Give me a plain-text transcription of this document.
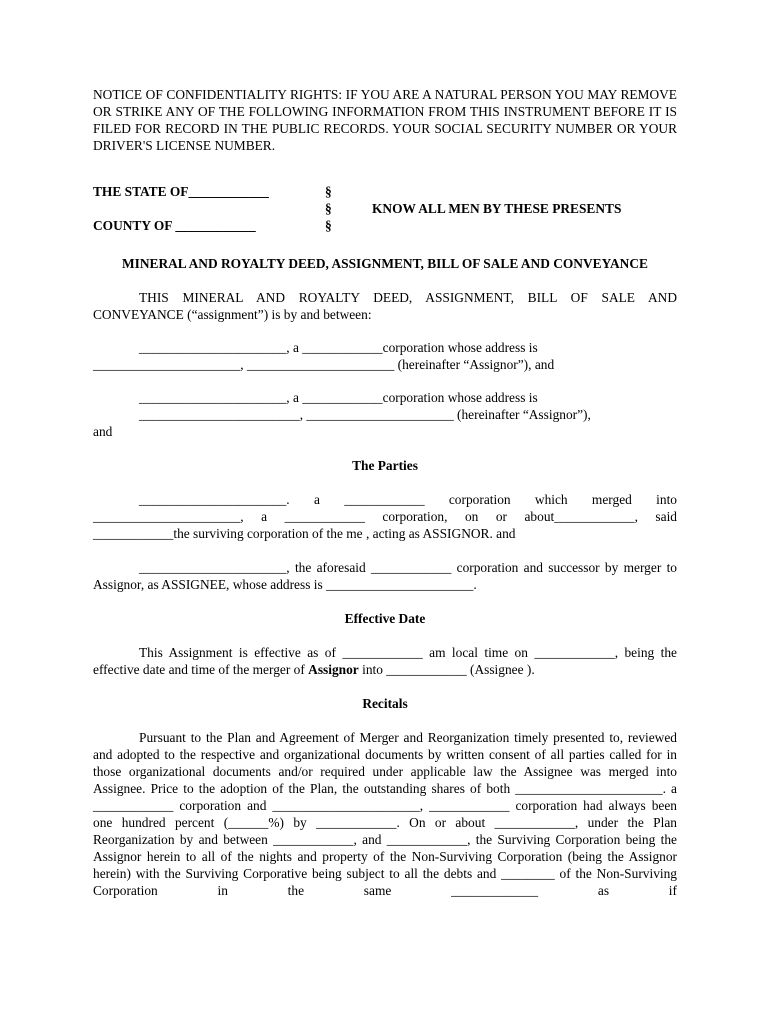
NOTICE OF CONFIDENTIALITY RIGHTS: IF YOU ARE A NATURAL PERSON YOU MAY REMOVE OR STRIKE ANY OF THE FOLLOWING INFORMATION FROM THIS INSTRUMENT BEFORE IT IS FILED FOR RECORD IN THE PUBLIC RECORDS. YOUR SOCIAL SECURITY NUMBER OR YOUR DRIVER'S LICENSE NUMBER.

THE STATE OF____________
COUNTY OF ____________
§
§
§
KNOW ALL MEN BY THESE PRESENTS

MINERAL AND ROYALTY DEED, ASSIGNMENT, BILL OF SALE AND CONVEYANCE

THIS MINERAL AND ROYALTY DEED, ASSIGNMENT, BILL OF SALE AND CONVEYANCE (“assignment”) is by and between:

______________________, a ____________corporation whose address is

______________________, ______________________ (hereinafter “Assignor”), and

______________________, a ____________corporation whose address is

________________________, ______________________ (hereinafter “Assignor”),

and

The Parties

______________________. a ____________ corporation which merged into ______________________, a ____________ corporation, on or about____________, said ____________the surviving corporation of the me , acting as ASSIGNOR. and

______________________, the aforesaid ____________ corporation and successor by merger to Assignor, as ASSIGNEE, whose address is ______________________.

Effective Date

This Assignment is effective as of ____________ am local time on ____________, being the effective date and time of the merger of Assignor into ____________ (Assignee ).

Recitals

Pursuant to the Plan and Agreement of Merger and Reorganization timely presented to, reviewed and adopted to the respective and organizational documents by written consent of all parties called for in those organizational documents and/or required under applicable law the Assignee was merged into Assignee. Price to the adoption of the Plan, the outstanding shares of both ______________________. a ____________ corporation and ______________________, ____________ corporation had always been one hundred percent (______%) by ____________. On or about ____________, under the Plan Reorganization by and between ____________, and ____________, the Surviving Corporation being the Assignor herein to all of the nights and property of the Non-Surviving Corporation (being the Assignor herein) with the Surviving Corporative being subject to all the debts and ________ of the Non-Surviving Corporation in the same _____________ as if
